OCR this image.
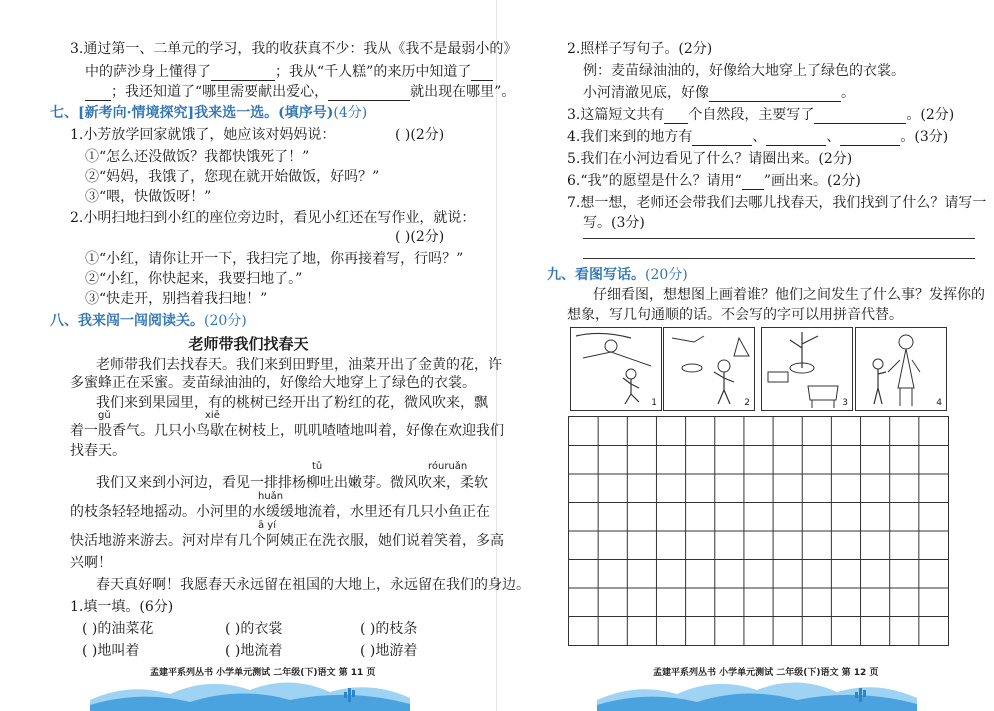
3.通过第一、二单元的学习，我的收获真不少：我从《我不是最弱小的》
中的萨沙身上懂得了	；我从“千人糕”的来历中知道了
；我还知道了“哪里需要献出爱心，	就出现在哪里”。
七、[新考向·情境探究]我来选一选。(填序号)(4分)
1.小芳放学回家就饿了，她应该对妈妈说：	( )(2分)
①“怎么还没做饭？我都快饿死了！”
②“妈妈，我饿了，您现在就开始做饭，好吗？”
③“喂，快做饭呀！”
2.小明扫地扫到小红的座位旁边时，看见小红还在写作业，就说：
( )(2分)
①“小红，请你让开一下，我扫完了地，你再接着写，行吗？”
②“小红，你快起来，我要扫地了。”
③“快走开，别挡着我扫地！”
八、我来闯一闯阅读关。(20分)
老师带我们找春天
老师带我们去找春天。我们来到田野里，油菜开出了金黄的花，许
多蜜蜂正在采蜜。麦苗绿油油的，好像给大地穿上了绿色的衣裳。
我们来到果园里，有的桃树已经开出了粉红的花，微风吹来，飘
gǔ	xiē
着一股香气。几只小鸟歇在树枝上，叽叽喳喳地叫着，好像在欢迎我们
找春天。
tǔ	róuruǎn
我们又来到小河边，看见一排排杨柳吐出嫩芽。微风吹来，柔软
huǎn
的枝条轻轻地摇动。小河里的水缓缓地流着，水里还有几只小鱼正在
ā yí
快活地游来游去。河对岸有几个阿姨正在洗衣服，她们说着笑着，多高
兴啊！
春天真好啊！我愿春天永远留在祖国的大地上，永远留在我们的身边。
1.填一填。(6分)
( )的油菜花	( )的衣裳	( )的枝条
( )地叫着	( )地流着	( )地游着
孟建平系列丛书 小学单元测试 二年级(下)语文 第 11 页
2.照样子写句子。(2分)
例：麦苗绿油油的，好像给大地穿上了绿色的衣裳。
小河清澈见底，好像	。
3.这篇短文共有 个自然段，主要写了	。(2分)
4.我们来到的地方有	、	、	。(3分)
5.我们在小河边看见了什么？请圈出来。(2分)
6.“我”的愿望是什么？请用“ ”画出来。(2分)
7.想一想，老师还会带我们去哪儿找春天，我们找到了什么？请写一
写。(3分)
九、看图写话。(20分)
仔细看图，想想图上画着谁？他们之间发生了什么事？发挥你的
想象，写几句通顺的话。不会写的字可以用拼音代替。
1	2	3	4
孟建平系列丛书 小学单元测试 二年级(下)语文 第 12 页
